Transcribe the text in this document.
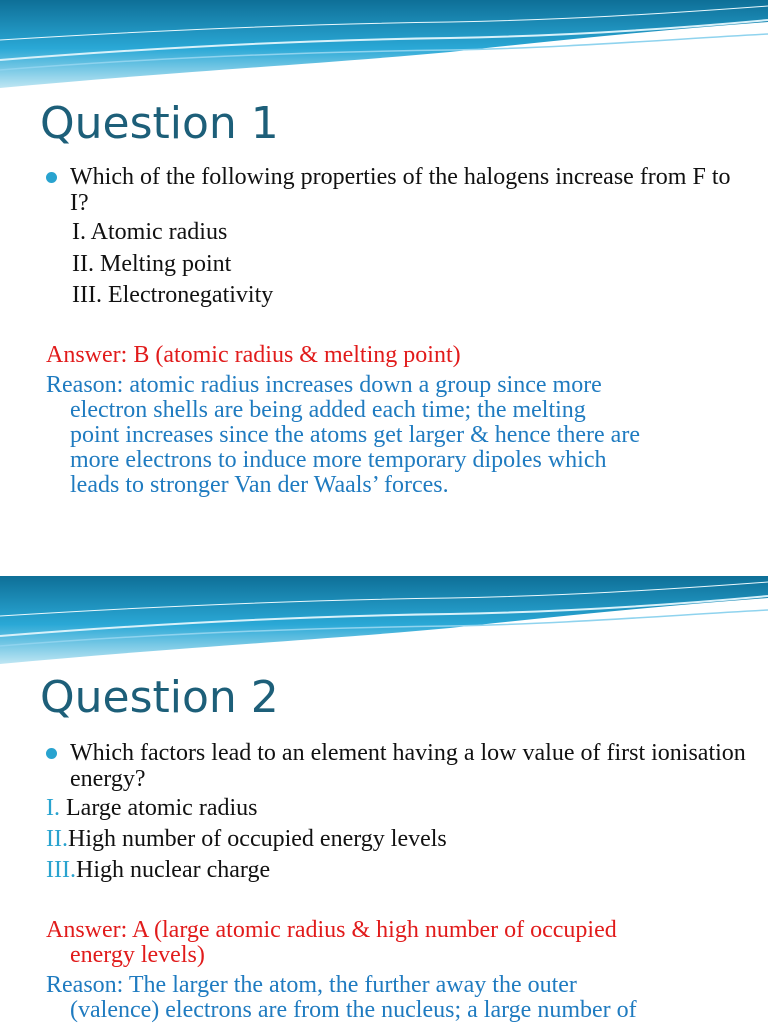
Question 1
Which of the following properties of the halogens increase from F to I?
I. Atomic radius
II. Melting point
III. Electronegativity
Answer: B (atomic radius & melting point)
Reason: atomic radius increases down a group since more
electron shells are being added each time; the melting
point increases since the atoms get larger & hence there are
more electrons to induce more temporary dipoles which
leads to stronger Van der Waals’ forces.
Question 2
Which factors lead to an element having a low value of first ionisation energy?
I. Large atomic radius
II.High number of occupied energy levels
III.High nuclear charge
Answer: A (large atomic radius & high number of occupied
energy levels)
Reason: The larger the atom, the further away the outer
(valence) electrons are from the nucleus; a large number of
